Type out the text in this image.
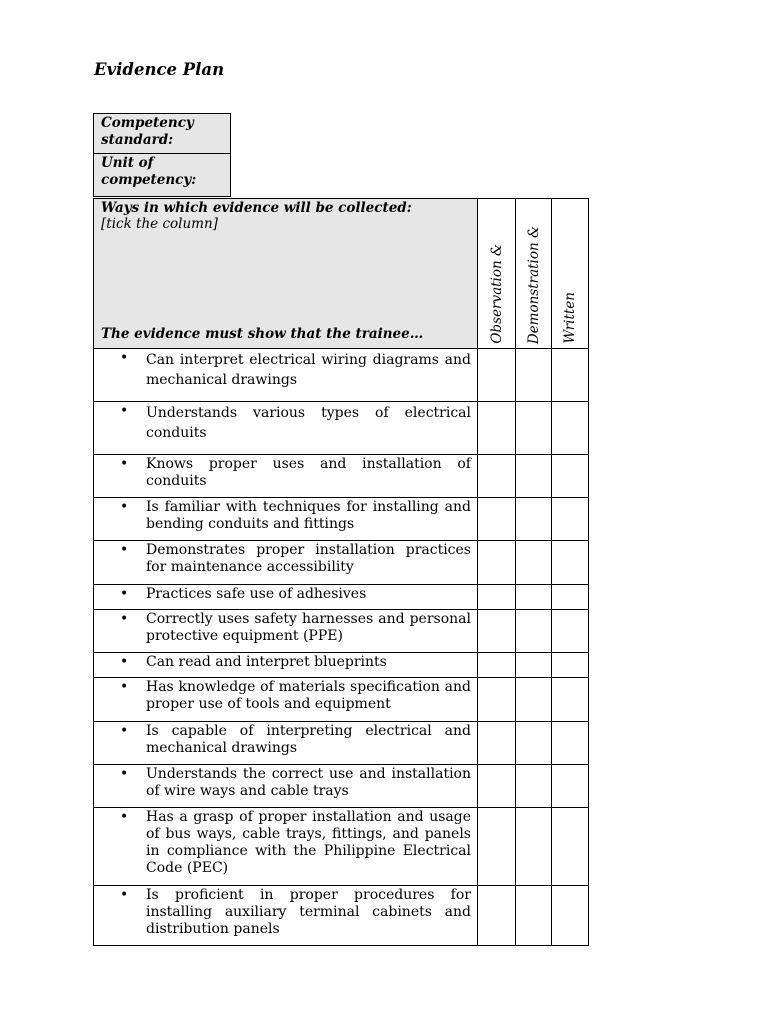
Evidence Plan
Competency standard:
Unit of competency:
Ways in which evidence will be collected:
[tick the column]
The evidence must show that the trainee…	Observation &	Demonstration &	Written

• Can interpret electrical wiring diagrams and mechanical drawings			

• Understands various types of electrical conduits			

• Knows proper uses and installation of conduits			

• Is familiar with techniques for installing and bending conduits and fittings			

• Demonstrates proper installation practices for maintenance accessibility			

• Practices safe use of adhesives			

• Correctly uses safety harnesses and personal protective equipment (PPE)			

• Can read and interpret blueprints			

• Has knowledge of materials specification and proper use of tools and equipment			

• Is capable of interpreting electrical and mechanical drawings			

• Understands the correct use and installation of wire ways and cable trays			

• Has a grasp of proper installation and usage of bus ways, cable trays, fittings, and panels in compliance with the Philippine Electrical Code (PEC)			

• Is proficient in proper procedures for installing auxiliary terminal cabinets and distribution panels			
